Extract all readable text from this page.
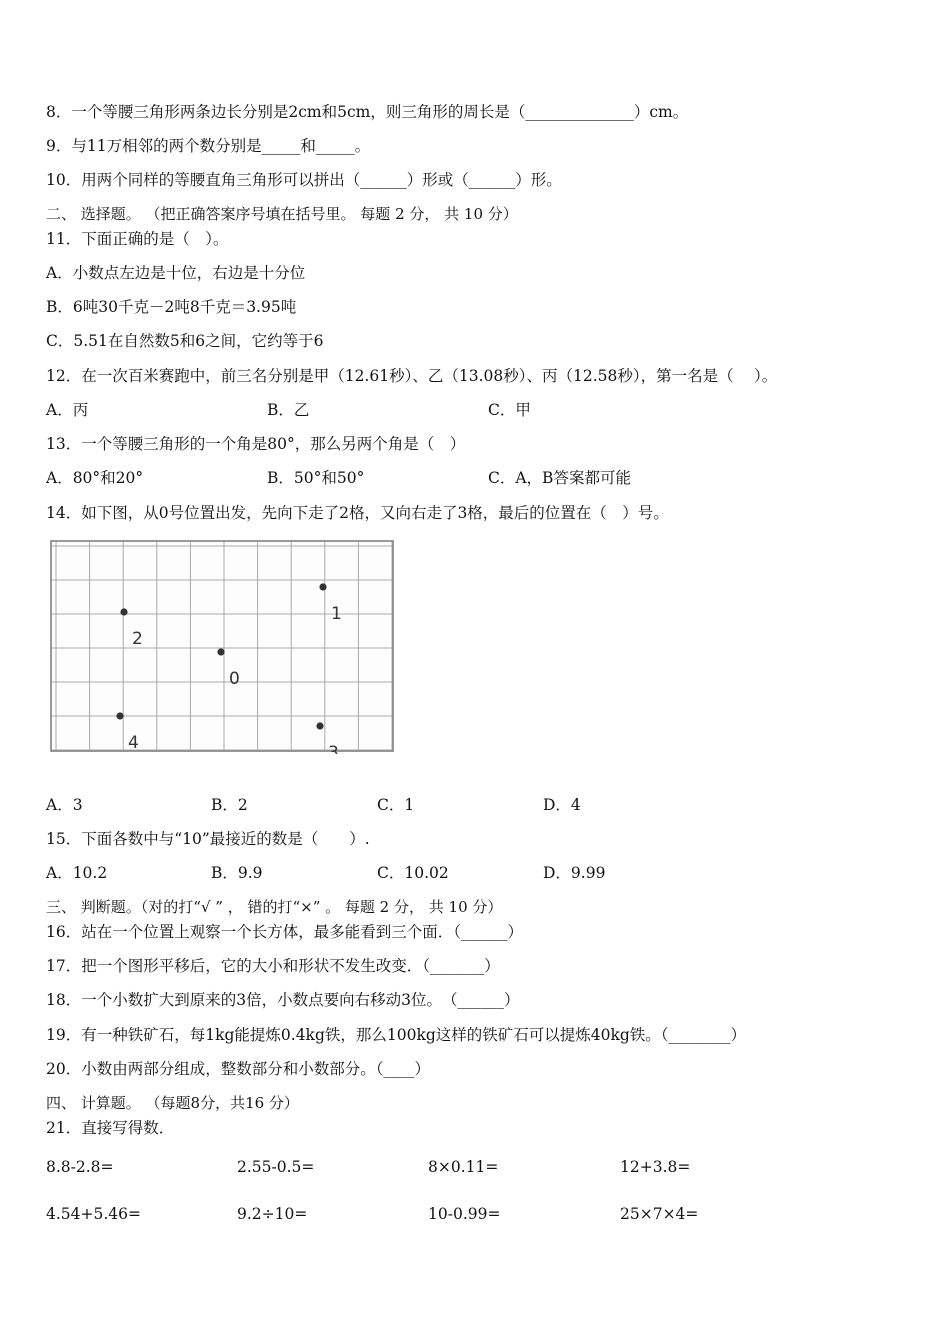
8．一个等腰三角形两条边长分别是2cm和5cm，则三角形的周长是（______________）cm。
9．与11万相邻的两个数分别是_____和_____。
10．用两个同样的等腰直角三角形可以拼出（______）形或（______）形。
二、 选择题。 （把正确答案序号填在括号里。 每题 2 分， 共 10 分）
11．下面正确的是（　）。
A．小数点左边是十位，右边是十分位
B．6吨30千克－2吨8千克＝3.95吨
C．5.51在自然数5和6之间，它约等于6
12．在一次百米赛跑中，前三名分别是甲（12.61秒）、乙（13.08秒）、丙（12.58秒），第一名是（　 ）。
A．丙	B．乙	C．甲
13．一个等腰三角形的一个角是80°，那么另两个角是（　）
A．80°和20°	B．50°和50°	C．A，B答案都可能
14．如下图，从0号位置出发，先向下走了2格，又向右走了3格，最后的位置在（　）号。
1
2
0
4	3
A．3	B．2	C．1	D．4
15．下面各数中与“10”最接近的数是（　　）.
A．10.2	B．9.9	C．10.02	D．9.99
三、 判断题。（对的打“√ ” ， 错的打“×” 。 每题 2 分， 共 10 分）
16．站在一个位置上观察一个长方体，最多能看到三个面．（______）
17．把一个图形平移后，它的大小和形状不发生改变．（_______）
18．一个小数扩大到原来的3倍，小数点要向右移动3位。　（______）
19．有一种铁矿石，每1kg能提炼0.4kg铁，那么100kg这样的铁矿石可以提炼40kg铁。（________）
20．小数由两部分组成，整数部分和小数部分。（____）
四、 计算题。 （每题8分，共16 分）
21．直接写得数．
8.8-2.8=	2.55-0.5=	8×0.11=	12+3.8=
4.54+5.46=	9.2÷10=	10-0.99=	25×7×4=
